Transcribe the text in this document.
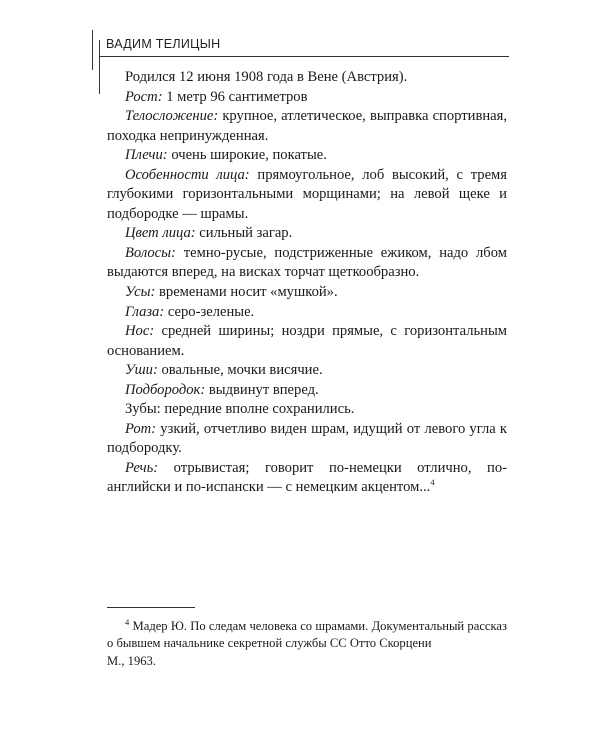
ВАДИМ ТЕЛИЦЫН

Родился 12 июня 1908 года в Вене (Австрия).

Рост: 1 метр 96 сантиметров

Телосложение: крупное, атлетическое, выправка спортивная, походка непринужденная.

Плечи: очень широкие, покатые.

Особенности лица: прямоугольное, лоб высокий, с тремя глубокими горизонтальными морщинами; на левой щеке и подбородке — шрамы.

Цвет лица: сильный загар.

Волосы: темно-русые, подстриженные ежиком, надо лбом выдаются вперед, на висках торчат щеткообразно.

Усы: временами носит «мушкой».

Глаза: серо-зеленые.

Нос: средней ширины; ноздри прямые, с горизонтальным основанием.

Уши: овальные, мочки висячие.

Подбородок: выдвинут вперед.

Зубы: передние вполне сохранились.

Рот: узкий, отчетливо виден шрам, идущий от левого угла к подбородку.

Речь: отрывистая; говорит по-немецки отлично, по-английски и по-испански — с немецким акцентом...$^4$

$^4$ Мадер Ю. По следам человека со шрамами. Документальный рассказ о бывшем начальнике секретной службы СС Отто Скорцени

М., 1963.
